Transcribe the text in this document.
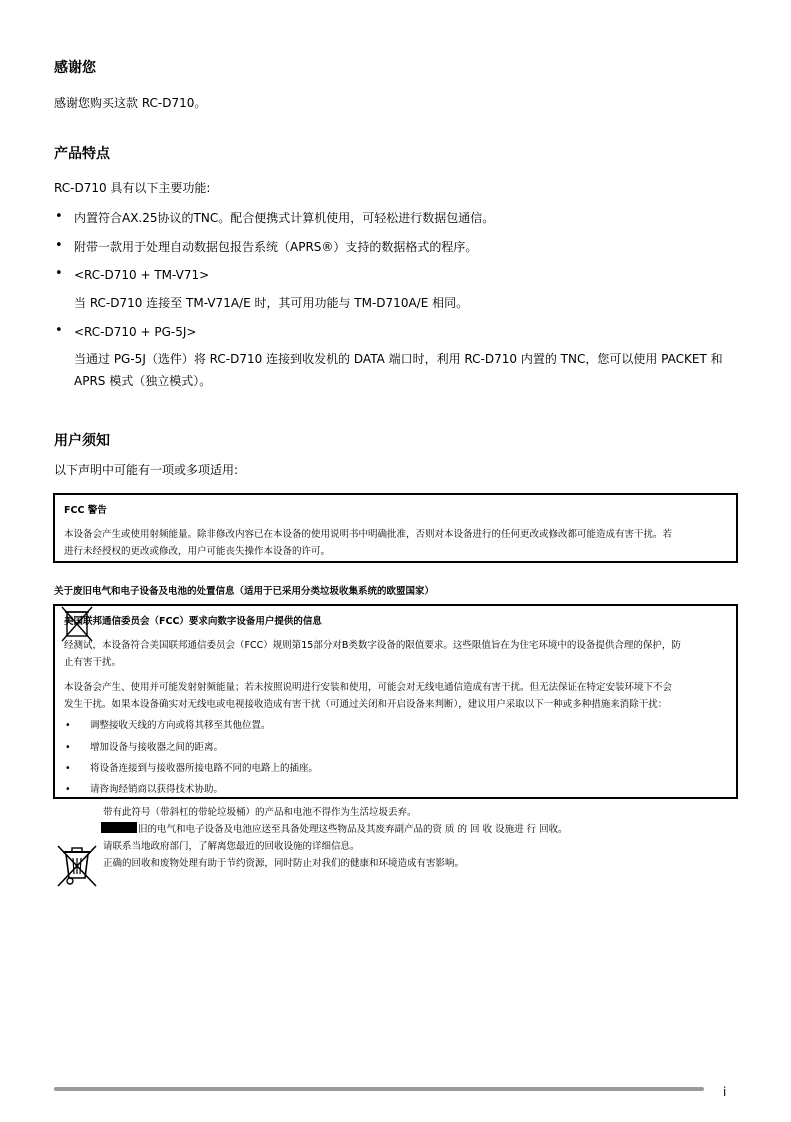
感谢您
感谢您购买这款 RC-D710。
产品特点
RC-D710 具有以下主要功能:
• 内置符合AX.25协议的TNC。配合便携式计算机使用，可轻松进行数据包通信。
• 附带一款用于处理自动数据包报告系统（APRS®）支持的数据格式的程序。
• <RC-D710 + TM-V71>
当 RC-D710 连接至 TM-V71A/E 时，其可用功能与 TM-D710A/E 相同。
• <RC-D710 + PG-5J>
当通过 PG-5J（选件）将 RC-D710 连接到收发机的 DATA 端口时，利用 RC-D710 内置的 TNC，您可以使用 PACKET 和
APRS 模式（独立模式）。
用户须知
以下声明中可能有一项或多项适用:
FCC 警告
本设备会产生或使用射频能量。除非修改内容已在本设备的使用说明书中明确批准，否则对本设备进行的任何更改或修改都可能造成有害干扰。若
进行未经授权的更改或修改，用户可能丧失操作本设备的许可。
关于废旧电气和电子设备及电池的处置信息（适用于已采用分类垃圾收集系统的欧盟国家）
美国联邦通信委员会（FCC）要求向数字设备用户提供的信息
经测试，本设备符合美国联邦通信委员会（FCC）规则第15部分对B类数字设备的限值要求。这些限值旨在为住宅环境中的设备提供合理的保护，防
止有害干扰。
本设备会产生、使用并可能发射射频能量；若未按照说明进行安装和使用，可能会对无线电通信造成有害干扰。但无法保证在特定安装环境下不会
发生干扰。如果本设备确实对无线电或电视接收造成有害干扰（可通过关闭和开启设备来判断），建议用户采取以下一种或多种措施来消除干扰：
• 调整接收天线的方向或将其移至其他位置。
• 增加设备与接收器之间的距离。
• 将设备连接到与接收器所接电路不同的电路上的插座。
• 请咨询经销商以获得技术协助。
带有此符号（带斜杠的带轮垃圾桶）的产品和电池不得作为生活垃圾丢弃。
旧的电气和电子设备及电池应送至具备处理这些物品及其废弃副产品的资 质 的 回 收 设施进 行 回收。
请联系当地政府部门，了解离您最近的回收设施的详细信息。
正确的回收和废物处理有助于节约资源，同时防止对我们的健康和环境造成有害影响。
i
